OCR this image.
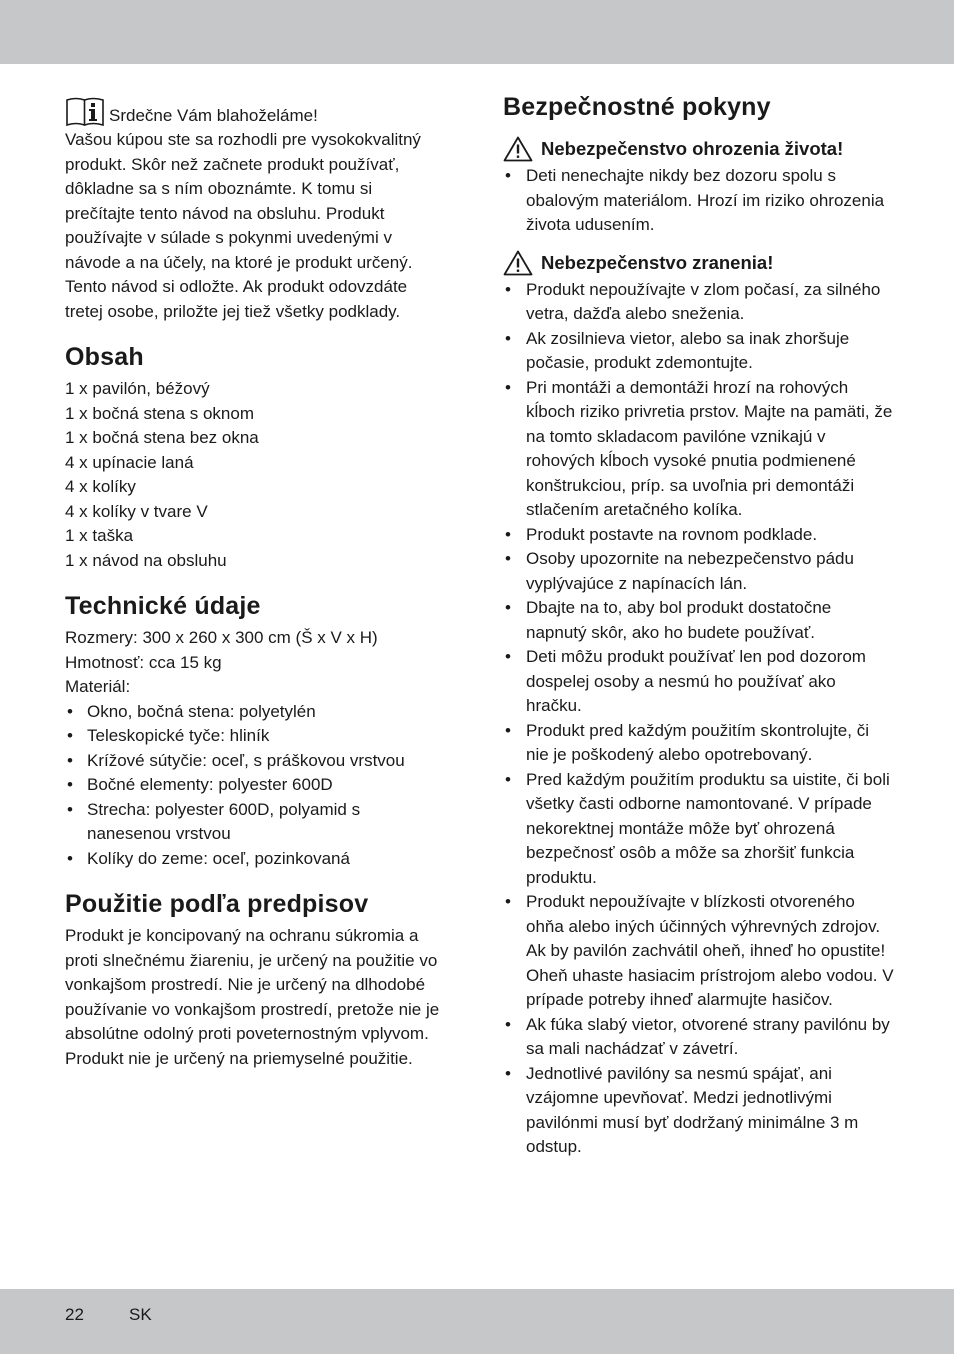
Srdečne Vám blahoželáme!

Vašou kúpou ste sa rozhodli pre vysokokvalitný produkt. Skôr než začnete produkt používať, dôkladne sa s ním oboznámte. K tomu si prečítajte tento návod na obsluhu. Produkt používajte v súlade s pokynmi uvedenými v návode a na účely, na ktoré je produkt určený. Tento návod si odložte. Ak produkt odovzdáte tretej osobe, priložte jej tiež všetky podklady.

Obsah
1 x pavilón, béžový
1 x bočná stena s oknom
1 x bočná stena bez okna
4 x upínacie laná
4 x kolíky
4 x kolíky v tvare V
1 x taška
1 x návod na obsluhu
Technické údaje
Rozmery: 300 x 260 x 300 cm (Š x V x H)
Hmotnosť: cca 15 kg
Materiál:
• Okno, bočná stena: polyetylén
• Teleskopické tyče: hliník
• Krížové sútyčie: oceľ, s práškovou vrstvou
• Bočné elementy: polyester 600D
• Strecha: polyester 600D, polyamid s nanesenou vrstvou
• Kolíky do zeme: oceľ, pozinkovaná
Použitie podľa predpisov

Produkt je koncipovaný na ochranu súkromia a proti slnečnému žiareniu, je určený na použitie vo vonkajšom prostredí. Nie je určený na dlhodobé používanie vo vonkajšom prostredí, pretože nie je absolútne odolný proti poveternostným vplyvom. Produkt nie je určený na priemyselné použitie.

Bezpečnostné pokyny
Nebezpečenstvo ohrozenia života!
• Deti nenechajte nikdy bez dozoru spolu s obalovým materiálom. Hrozí im riziko ohrozenia života udusením.
Nebezpečenstvo zranenia!
• Produkt nepoužívajte v zlom počasí, za silného vetra, dažďa alebo sneženia.
• Ak zosilnieva vietor, alebo sa inak zhoršuje počasie, produkt zdemontujte.
• Pri montáži a demontáži hrozí na rohových kĺboch riziko privretia prstov. Majte na pamäti, že na tomto skladacom pavilóne vznikajú v rohových kĺboch vysoké pnutia podmienené konštrukciou, príp. sa uvoľnia pri demontáži stlačením aretačného kolíka.
• Produkt postavte na rovnom podklade.
• Osoby upozornite na nebezpečenstvo pádu vyplývajúce z napínacích lán.
• Dbajte na to, aby bol produkt dostatočne napnutý skôr, ako ho budete používať.
• Deti môžu produkt používať len pod dozorom dospelej osoby a nesmú ho používať ako hračku.
• Produkt pred každým použitím skontrolujte, či nie je poškodený alebo opotrebovaný.
• Pred každým použitím produktu sa uistite, či boli všetky časti odborne namontované. V prípade nekorektnej montáže môže byť ohrozená bezpečnosť osôb a môže sa zhoršiť funkcia produktu.
• Produkt nepoužívajte v blízkosti otvoreného ohňa alebo iných účinných výhrevných zdrojov. Ak by pavilón zachvátil oheň, ihneď ho opustite! Oheň uhaste hasiacim prístrojom alebo vodou. V prípade potreby ihneď alarmujte hasičov.
• Ak fúka slabý vietor, otvorené strany pavilónu by sa mali nachádzať v závetrí.
• Jednotlivé pavilóny sa nesmú spájať, ani vzájomne upevňovať. Medzi jednotlivými pavilónmi musí byť dodržaný minimálne 3 m odstup.
22	SK
